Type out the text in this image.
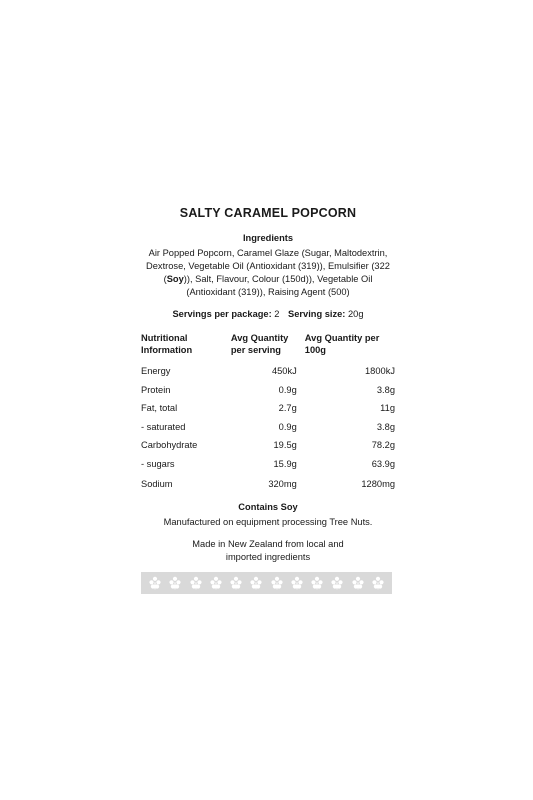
SALTY CARAMEL POPCORN
Ingredients
Air Popped Popcorn, Caramel Glaze (Sugar, Maltodextrin, Dextrose, Vegetable Oil (Antioxidant (319)), Emulsifier (322 (Soy)), Salt, Flavour, Colour (150d)), Vegetable Oil (Antioxidant (319)), Raising Agent (500)
Servings per package: 2 Serving size: 20g
Nutritional Information	Avg Quantity per serving	Avg Quantity per 100g
Energy	450kJ	1800kJ
Protein	0.9g	3.8g
Fat, total	2.7g	11g
- saturated	0.9g	3.8g
Carbohydrate	19.5g	78.2g
- sugars	15.9g	63.9g
Sodium	320mg	1280mg
Contains Soy
Manufactured on equipment processing Tree Nuts.
Made in New Zealand from local and imported ingredients
